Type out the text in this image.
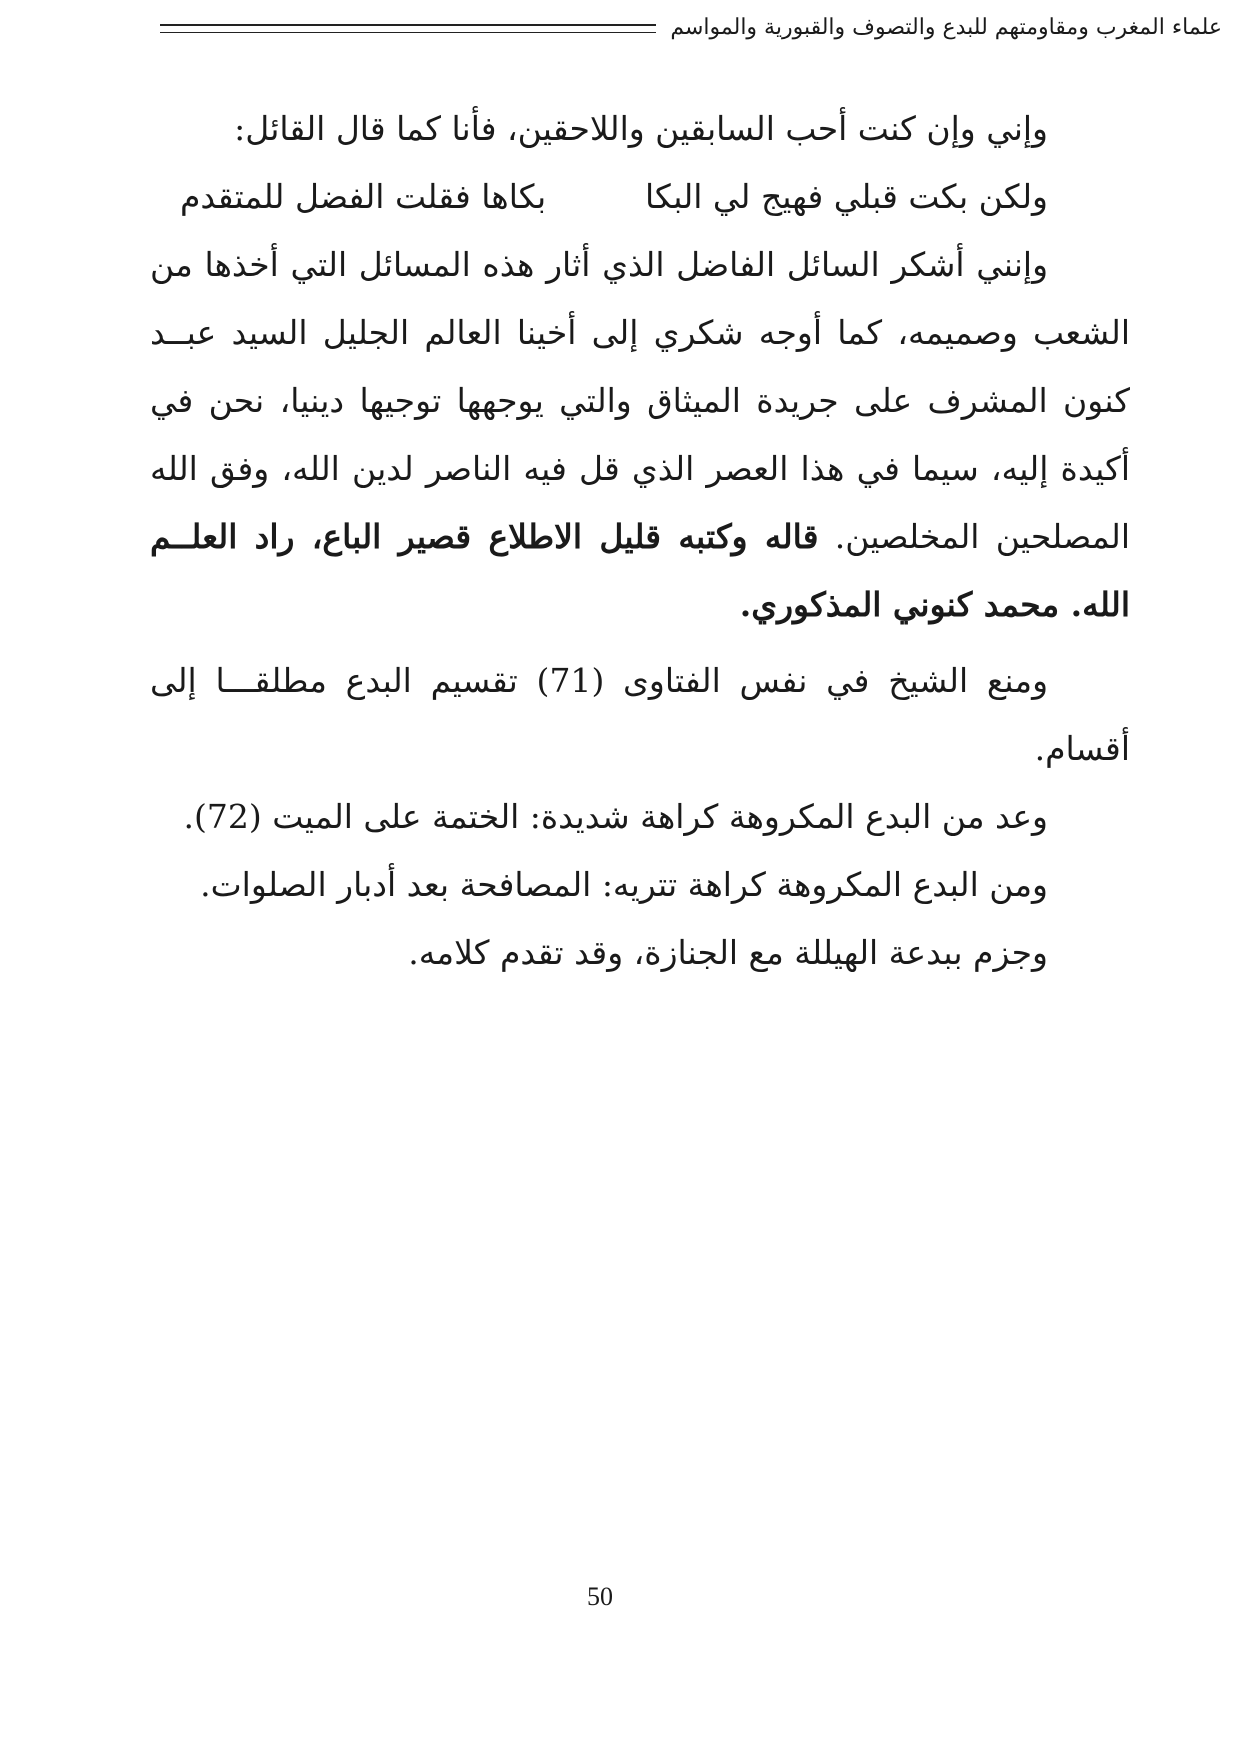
علماء المغرب ومقاومتهم للبدع والتصوف والقبورية والمواسم

وإني وإن كنت أحب السابقين واللاحقين، فأنا كما قال القائل:

ولكن بكت قبلي فهيج لي البكا
بكاها فقلت الفضل للمتقدم

وإنني أشكر السائل الفاضل الذي أثار هذه المسائل التي أخذها من

الشعب وصميمه، كما أوجه شكري إلى أخينا العالم الجليل السيد عبــد

كنون المشرف على جريدة الميثاق والتي يوجهها توجيها دينيا، نحن في

أكيدة إليه، سيما في هذا العصر الذي قل فيه الناصر لدين الله، وفق الله

المصلحين المخلصين. قاله وكتبه قليل الاطلاع قصير الباع، راد العلــم

الله. محمد كنوني المذكوري.

ومنع الشيخ في نفس الفتاوى (71) تقسيم البدع مطلقـــا إلى

أقسام.

وعد من البدع المكروهة كراهة شديدة: الختمة على الميت (72).

ومن البدع المكروهة كراهة تتريه: المصافحة بعد أدبار الصلوات.

وجزم ببدعة الهيللة مع الجنازة، وقد تقدم كلامه.

50
